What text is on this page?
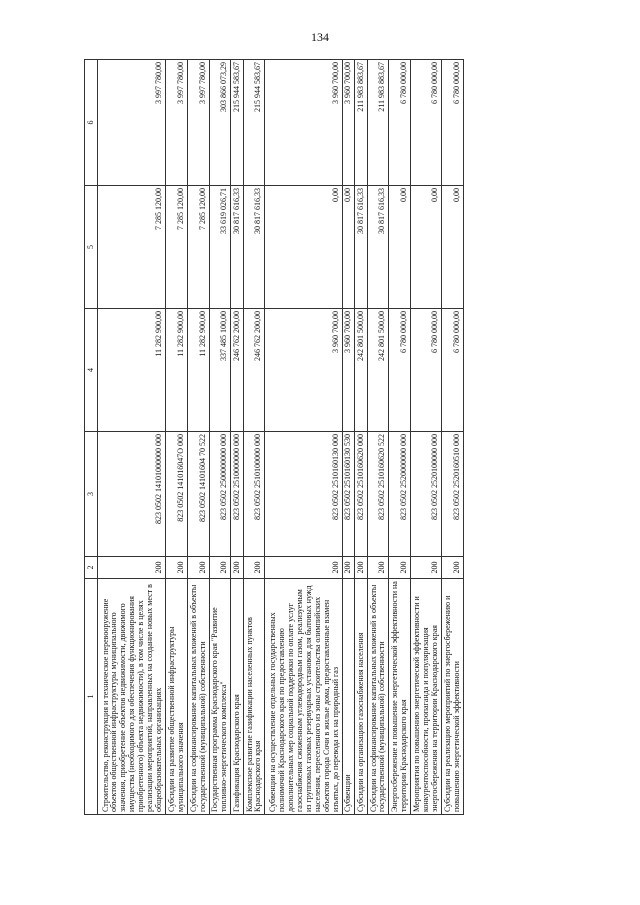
134
1	2	3	4	5	6
Строительство, реконструкция и техническое перевооружение объектов общественной инфраструктуры муниципального значения, приобретение объектов недвижимости, движимого имущества (необходимого для обеспечения функционирования приобретенного) объекта недвижимости), в том числе в целях реализации мероприятий, направленных на создание новых мест в общеобразовательных организациях	200	823 0502 14101000000 000	11 282 900,00	7 285 120,00	3 997 780,00
Субсидии на развитие общественной инфраструктуры муниципального значения	200	823 0502 141016047О 000	11 282 900,00	7 285 120,00	3 997 780,00
Субсидии на софинансирование капитальных вложений в объекты государственной (муниципальной) собственности	200	823 0502 14101604 70 522	11 282 900,00	7 285 120,00	3 997 780,00
Государственная программа Краснодарского края "Развитие топливно-энергетического комплекса"	200	823 0502 2500000000 000	337 485 100,00	33 619 026,71	303 866 073,29
Газификация Краснодарского края	200	823 0502 2510000000 000	246 762 200,00	30 817 616,33	215 944 583,67
Комплексное развитие газификации населенных пунктов Краснодарского края	200	823 0502 2510100000 000	246 762 200,00	30 817 616,33	215 944 583,67
Субвенции на осуществление отдельных государственных полномочий Краснодарского края по предоставлению дополнительных мер социальной поддержки по оплате услуг газоснабжения сжиженным углеводородным газом, реализуемым из групповых газовых резервуарных установок для бытовых нужд населения, переселенного из зоны строительства олимпийских объектов города Сочи в жилые дома, предоставленные взамен изъятых, до перевода их на природный газ	200	823 0502 2510160130 000	3 960 700,00	0,00	3 960 700,00
Субвенции	200	823 0502 2510160130 530	3 960 700,00	0,00	3 960 700,00
Субсидии на организацию газоснабжения населения	200	823 0502 2510160620 000	242 801 500,00	30 817 616,33	211 983 883,67
Субсидии на софинансирование капитальных вложений в объекты государственной (муниципальной) собственности	200	823 0502 2510160620 522	242 801 500,00	30 817 616,33	211 983 883,67
Энергосбережение и повышение энергетической эффективности на территории Краснодарского края	200	823 0502 2520000000 000	6 780 000,00	0,00	6 780 000,00
Мероприятия по повышению энергетической эффективности и конкурентоспособности, пропаганда и популяризация энергосбережения на территории Краснодарского края	200	823 0502 2520100000 000	6 780 000,00	0,00	6 780 000,00
Субсидии на реализацию мероприятий по энергосбережению и повышению энергетической эффективности	200	823 0502 2520160510 000	6 780 000,00	0,00	6 780 000,00
